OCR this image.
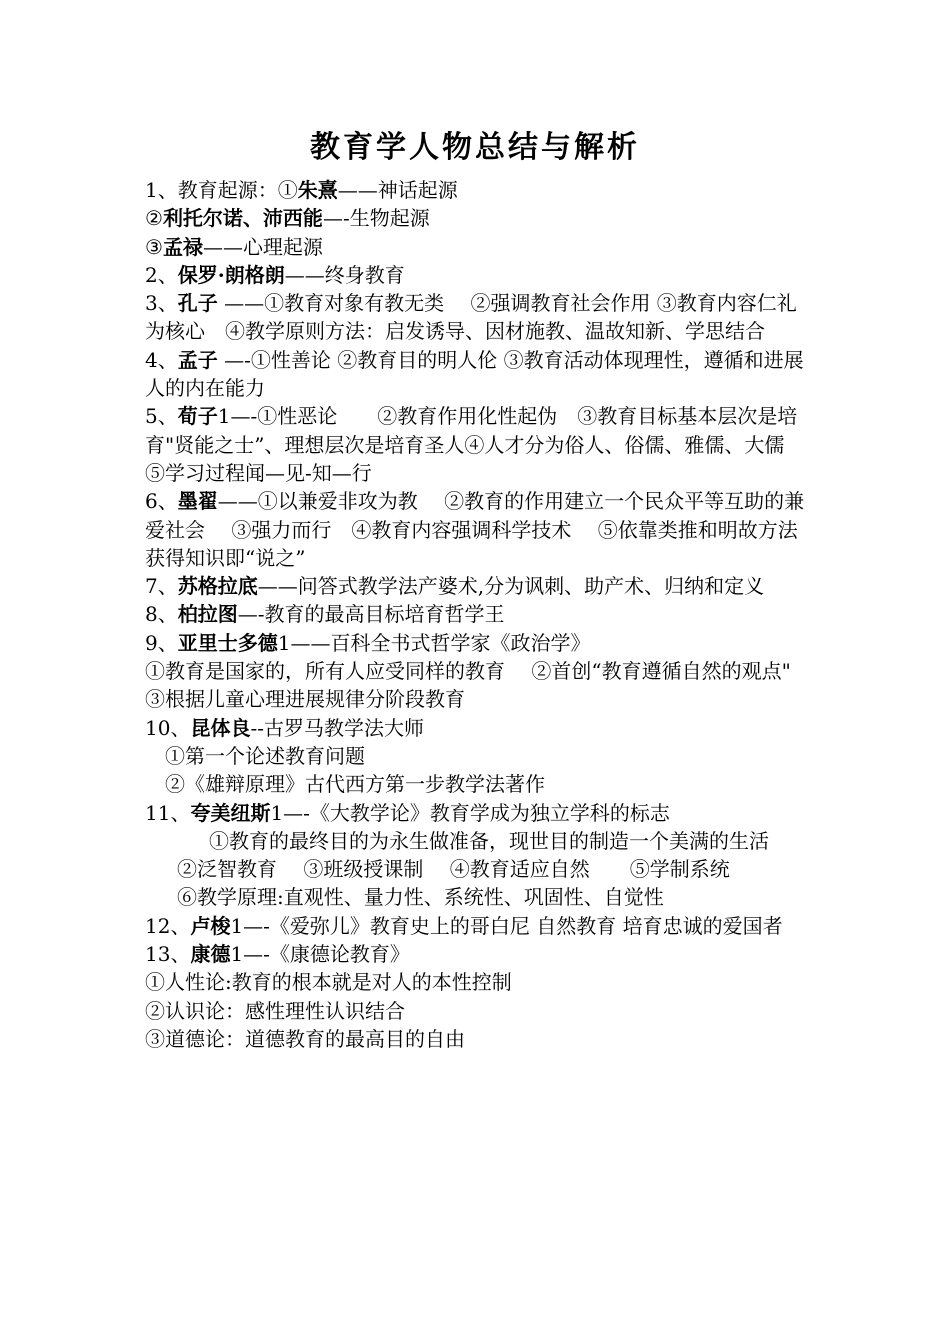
教育学人物总结与解析
1、教育起源：①朱熹——神话起源
②利托尔诺、沛西能—-生物起源
③孟禄——心理起源
2、保罗·朗格朗——终身教育
3、孔子 ——①教育对象有教无类　 ②强调教育社会作用 ③教育内容仁礼为核心　④教学原则方法：启发诱导、因材施教、温故知新、学思结合
4、孟子 —-①性善论 ②教育目的明人伦 ③教育活动体现理性，遵循和进展人的内在能力
5、荀子1—-①性恶论　　②教育作用化性起伪　③教育目标基本层次是培育"贤能之士”、理想层次是培育圣人④人才分为俗人、俗儒、雅儒、大儒　 ⑤学习过程闻—见-知—行
6、墨翟——①以兼爱非攻为教　 ②教育的作用建立一个民众平等互助的兼爱社会　 ③强力而行　④教育内容强调科学技术　 ⑤依靠类推和明故方法获得知识即“说之”
7、苏格拉底——问答式教学法产婆术,分为讽刺、助产术、归纳和定义
8、柏拉图—-教育的最高目标培育哲学王
9、亚里士多德1——百科全书式哲学家《政治学》
①教育是国家的，所有人应受同样的教育　 ②首创“教育遵循自然的观点"　③根据儿童心理进展规律分阶段教育
10、昆体良--古罗马教学法大师
①第一个论述教育问题
②《雄辩原理》古代西方第一步教学法著作
11、夸美纽斯1—-《大教学论》教育学成为独立学科的标志
①教育的最终目的为永生做准备，现世目的制造一个美满的生活
②泛智教育　 ③班级授课制　 ④教育适应自然　　⑤学制系统
⑥教学原理:直观性、量力性、系统性、巩固性、自觉性
12、卢梭1—-《爱弥儿》教育史上的哥白尼 自然教育 培育忠诚的爱国者
13、康德1—-《康德论教育》
①人性论:教育的根本就是对人的本性控制
②认识论：感性理性认识结合
③道德论：道德教育的最高目的自由
